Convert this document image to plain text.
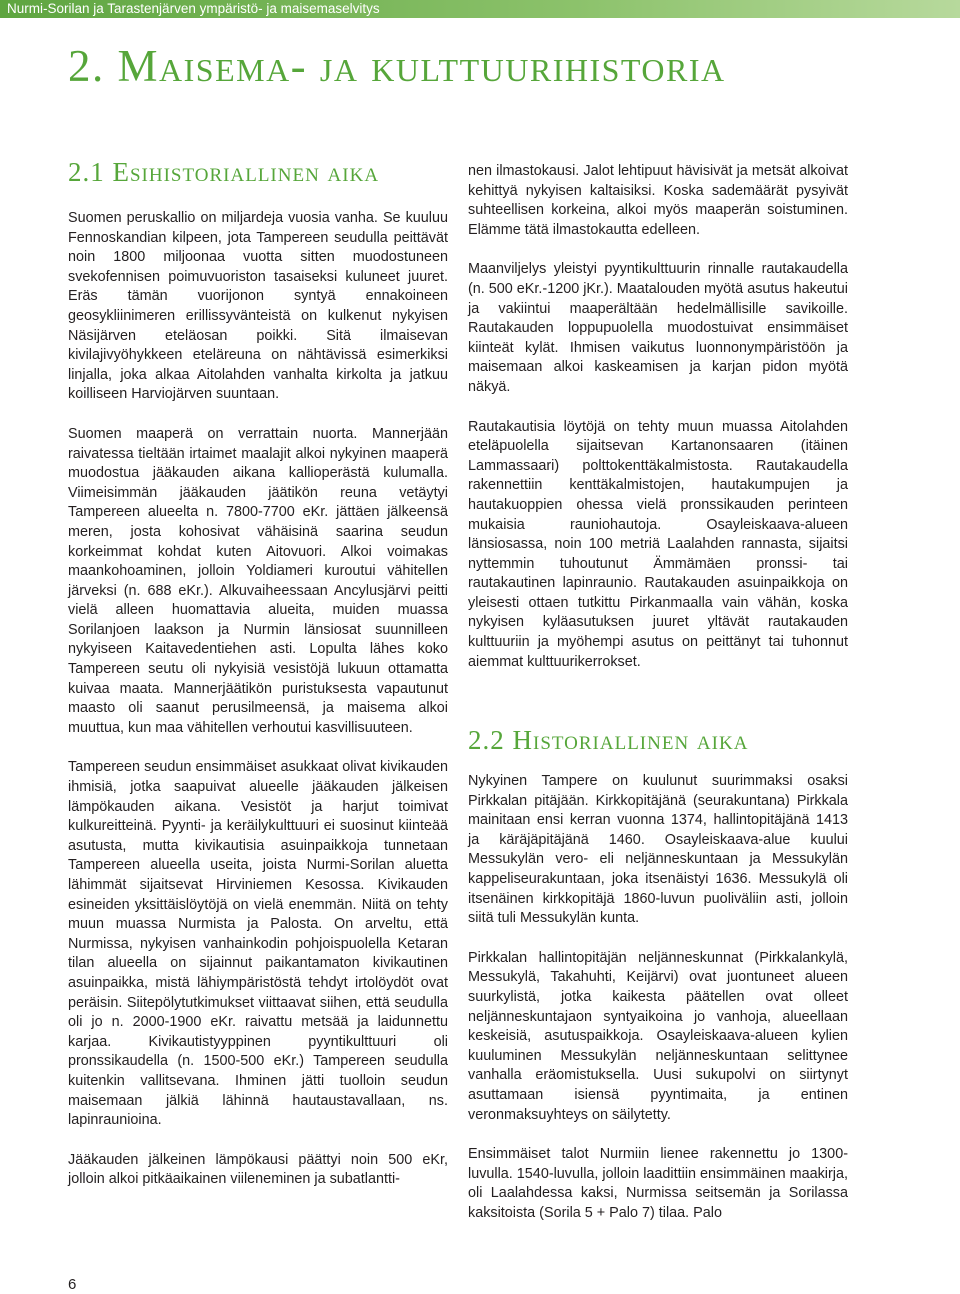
Nurmi-Sorilan ja Tarastenjärven ympäristö- ja maisemaselvitys
2. Maisema- ja kulttuurihistoria
2.1 Esihistoriallinen aika

Suomen peruskallio on miljardeja vuosia vanha. Se kuuluu Fennoskandian kilpeen, jota Tampereen seudulla peittävät noin 1800 miljoonaa vuotta sitten muodostuneen svekofennisen poimuvuoriston tasaiseksi kuluneet juuret. Eräs tämän vuorijonon syntyä ennakoineen geosykliinimeren erillissyvänteistä on kulkenut nykyisen Näsijärven eteläosan poikki. Sitä ilmaisevan kivilajivyöhykkeen eteläreuna on nähtävissä esimerkiksi linjalla, joka alkaa Aitolahden vanhalta kirkolta ja jatkuu koilliseen Harviojärven suuntaan.

Suomen maaperä on verrattain nuorta. Mannerjään raivatessa tieltään irtaimet maalajit alkoi nykyinen maaperä muodostua jääkauden aikana kallioperästä kulumalla. Viimeisimmän jääkauden jäätikön reuna vetäytyi Tampereen alueelta n. 7800-7700 eKr. jättäen jälkeensä meren, josta kohosivat vähäisinä saarina seudun korkeimmat kohdat kuten Aitovuori. Alkoi voimakas maankohoaminen, jolloin Yoldiameri kuroutui vähitellen järveksi (n. 688 eKr.). Alkuvaiheessaan Ancylusjärvi peitti vielä alleen huomattavia alueita, muiden muassa Sorilanjoen laakson ja Nurmin länsiosat suunnilleen nykyiseen Kaitavedentiehen asti. Lopulta lähes koko Tampereen seutu oli nykyisiä vesistöjä lukuun ottamatta kuivaa maata. Mannerjäätikön puristuksesta vapautunut maasto oli saanut perusilmeensä, ja maisema alkoi muuttua, kun maa vähitellen verhoutui kasvillisuuteen.

Tampereen seudun ensimmäiset asukkaat olivat kivikauden ihmisiä, jotka saapuivat alueelle jääkauden jälkeisen lämpökauden aikana. Vesistöt ja harjut toimivat kulkureitteinä. Pyynti- ja keräilykulttuuri ei suosinut kiinteää asutusta, mutta kivikautisia asuinpaikkoja tunnetaan Tampereen alueella useita, joista Nurmi-Sorilan aluetta lähimmät sijaitsevat Hirviniemen Kesossa. Kivikauden esineiden yksittäislöytöjä on vielä enemmän. Niitä on tehty muun muassa Nurmista ja Palosta. On arveltu, että Nurmissa, nykyisen vanhainkodin pohjoispuolella Ketaran tilan alueella on sijainnut paikantamaton kivikautinen asuinpaikka, mistä lähiympäristöstä tehdyt irtolöydöt ovat peräisin. Siitepölytutkimukset viittaavat siihen, että seudulla oli jo n. 2000-1900 eKr. raivattu metsää ja laidunnettu karjaa. Kivikautistyyppinen pyyntikulttuuri oli pronssikaudella (n. 1500-500 eKr.) Tampereen seudulla kuitenkin vallitsevana. Ihminen jätti tuolloin seudun maisemaan jälkiä lähinnä hautaustavallaan, ns. lapinraunioina.

Jääkauden jälkeinen lämpökausi päättyi noin 500 eKr, jolloin alkoi pitkäaikainen viileneminen ja subatlantti-

nen ilmastokausi. Jalot lehtipuut hävisivät ja metsät alkoivat kehittyä nykyisen kaltaisiksi. Koska sademäärät pysyivät suhteellisen korkeina, alkoi myös maaperän soistuminen. Elämme tätä ilmastokautta edelleen.

Maanviljelys yleistyi pyyntikulttuurin rinnalle rautakaudella (n. 500 eKr.-1200 jKr.). Maatalouden myötä asutus hakeutui ja vakiintui maaperältään hedelmällisille savikoille. Rautakauden loppupuolella muodostuivat ensimmäiset kiinteät kylät. Ihmisen vaikutus luonnonympäristöön ja maisemaan alkoi kaskeamisen ja karjan pidon myötä näkyä.

Rautakautisia löytöjä on tehty muun muassa Aitolahden eteläpuolella sijaitsevan Kartanonsaaren (itäinen Lammassaari) polttokenttäkalmistosta. Rautakaudella rakennettiin kenttäkalmistojen, hautakumpujen ja hautakuoppien ohessa vielä pronssikauden perinteen mukaisia rauniohautoja. Osayleiskaava-alueen länsiosassa, noin 100 metriä Laalahden rannasta, sijaitsi nyttemmin tuhoutunut Ämmämäen pronssi- tai rautakautinen lapinraunio. Rautakauden asuinpaikkoja on yleisesti ottaen tutkittu Pirkanmaalla vain vähän, koska nykyisen kyläasutuksen juuret yltävät rautakauden kulttuuriin ja myöhempi asutus on peittänyt tai tuhonnut aiemmat kulttuurikerrokset.

2.2 Historiallinen aika

Nykyinen Tampere on kuulunut suurimmaksi osaksi Pirkkalan pitäjään. Kirkkopitäjänä (seurakuntana) Pirkkala mainitaan ensi kerran vuonna 1374, hallintopitäjänä 1413 ja käräjäpitäjänä 1460. Osayleiskaava-alue kuului Messukylän vero- eli neljänneskuntaan ja Messukylän kappeliseurakuntaan, joka itsenäistyi 1636. Messukylä oli itsenäinen kirkkopitäjä 1860-luvun puoliväliin asti, jolloin siitä tuli Messukylän kunta.

Pirkkalan hallintopitäjän neljänneskunnat (Pirkkalankylä, Messukylä, Takahuhti, Keijärvi) ovat juontuneet alueen suurkylistä, jotka kaikesta päätellen ovat olleet neljänneskuntajaon syntyaikoina jo vanhoja, alueellaan keskeisiä, asutuspaikkoja. Osayleiskaava-alueen kylien kuuluminen Messukylän neljänneskuntaan selittynee vanhalla eräomistuksella. Uusi sukupolvi on siirtynyt asuttamaan isiensä pyyntimaita, ja entinen veronmaksuyhteys on säilytetty.

Ensimmäiset talot Nurmiin lienee rakennettu jo 1300-luvulla. 1540-luvulla, jolloin laadittiin ensimmäinen maakirja, oli Laalahdessa kaksi, Nurmissa seitsemän ja Sorilassa kaksitoista (Sorila 5 + Palo 7) tilaa. Palo

6
